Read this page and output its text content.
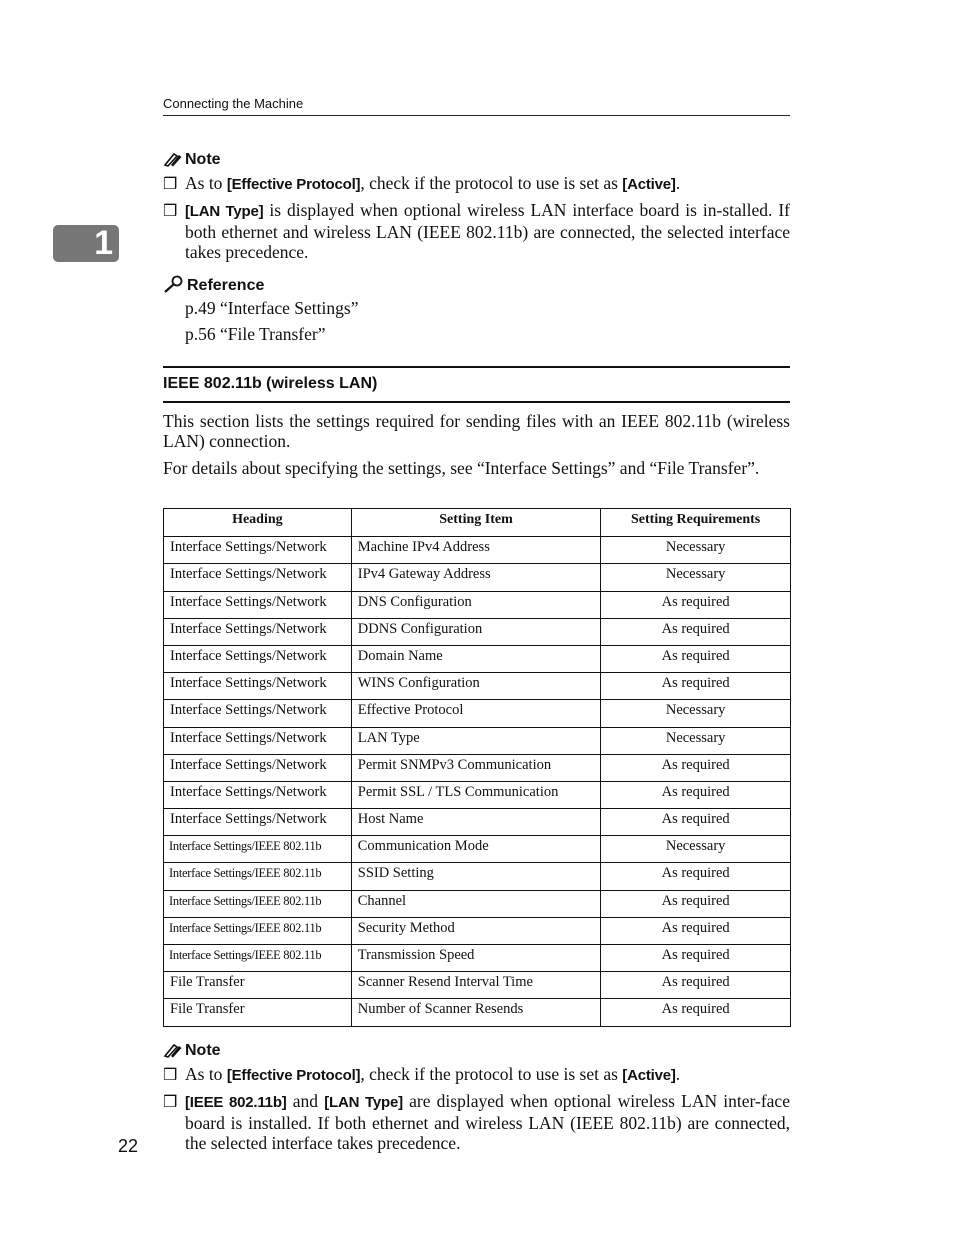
Connecting the Machine
1
Note
❒ As to [Effective Protocol], check if the protocol to use is set as [Active].
❒ [LAN Type] is displayed when optional wireless LAN interface board is in-stalled. If both ethernet and wireless LAN (IEEE 802.11b) are connected, the selected interface takes precedence.
Reference
p.49 “Interface Settings”
p.56 “File Transfer”
IEEE 802.11b (wireless LAN)
This section lists the settings required for sending files with an IEEE 802.11b (wireless LAN) connection.
For details about specifying the settings, see “Interface Settings” and “File Transfer”.
Heading	Setting Item	Setting Requirements
Interface Settings/Network	Machine IPv4 Address	Necessary
Interface Settings/Network	IPv4 Gateway Address	Necessary
Interface Settings/Network	DNS Configuration	As required
Interface Settings/Network	DDNS Configuration	As required
Interface Settings/Network	Domain Name	As required
Interface Settings/Network	WINS Configuration	As required
Interface Settings/Network	Effective Protocol	Necessary
Interface Settings/Network	LAN Type	Necessary
Interface Settings/Network	Permit SNMPv3 Communication	As required
Interface Settings/Network	Permit SSL / TLS Communication	As required
Interface Settings/Network	Host Name	As required
Interface Settings/IEEE 802.11b	Communication Mode	Necessary
Interface Settings/IEEE 802.11b	SSID Setting	As required
Interface Settings/IEEE 802.11b	Channel	As required
Interface Settings/IEEE 802.11b	Security Method	As required
Interface Settings/IEEE 802.11b	Transmission Speed	As required
File Transfer	Scanner Resend Interval Time	As required
File Transfer	Number of Scanner Resends	As required
Note
❒ As to [Effective Protocol], check if the protocol to use is set as [Active].
❒ [IEEE 802.11b] and [LAN Type] are displayed when optional wireless LAN inter-face board is installed. If both ethernet and wireless LAN (IEEE 802.11b) are connected, the selected interface takes precedence.
22
